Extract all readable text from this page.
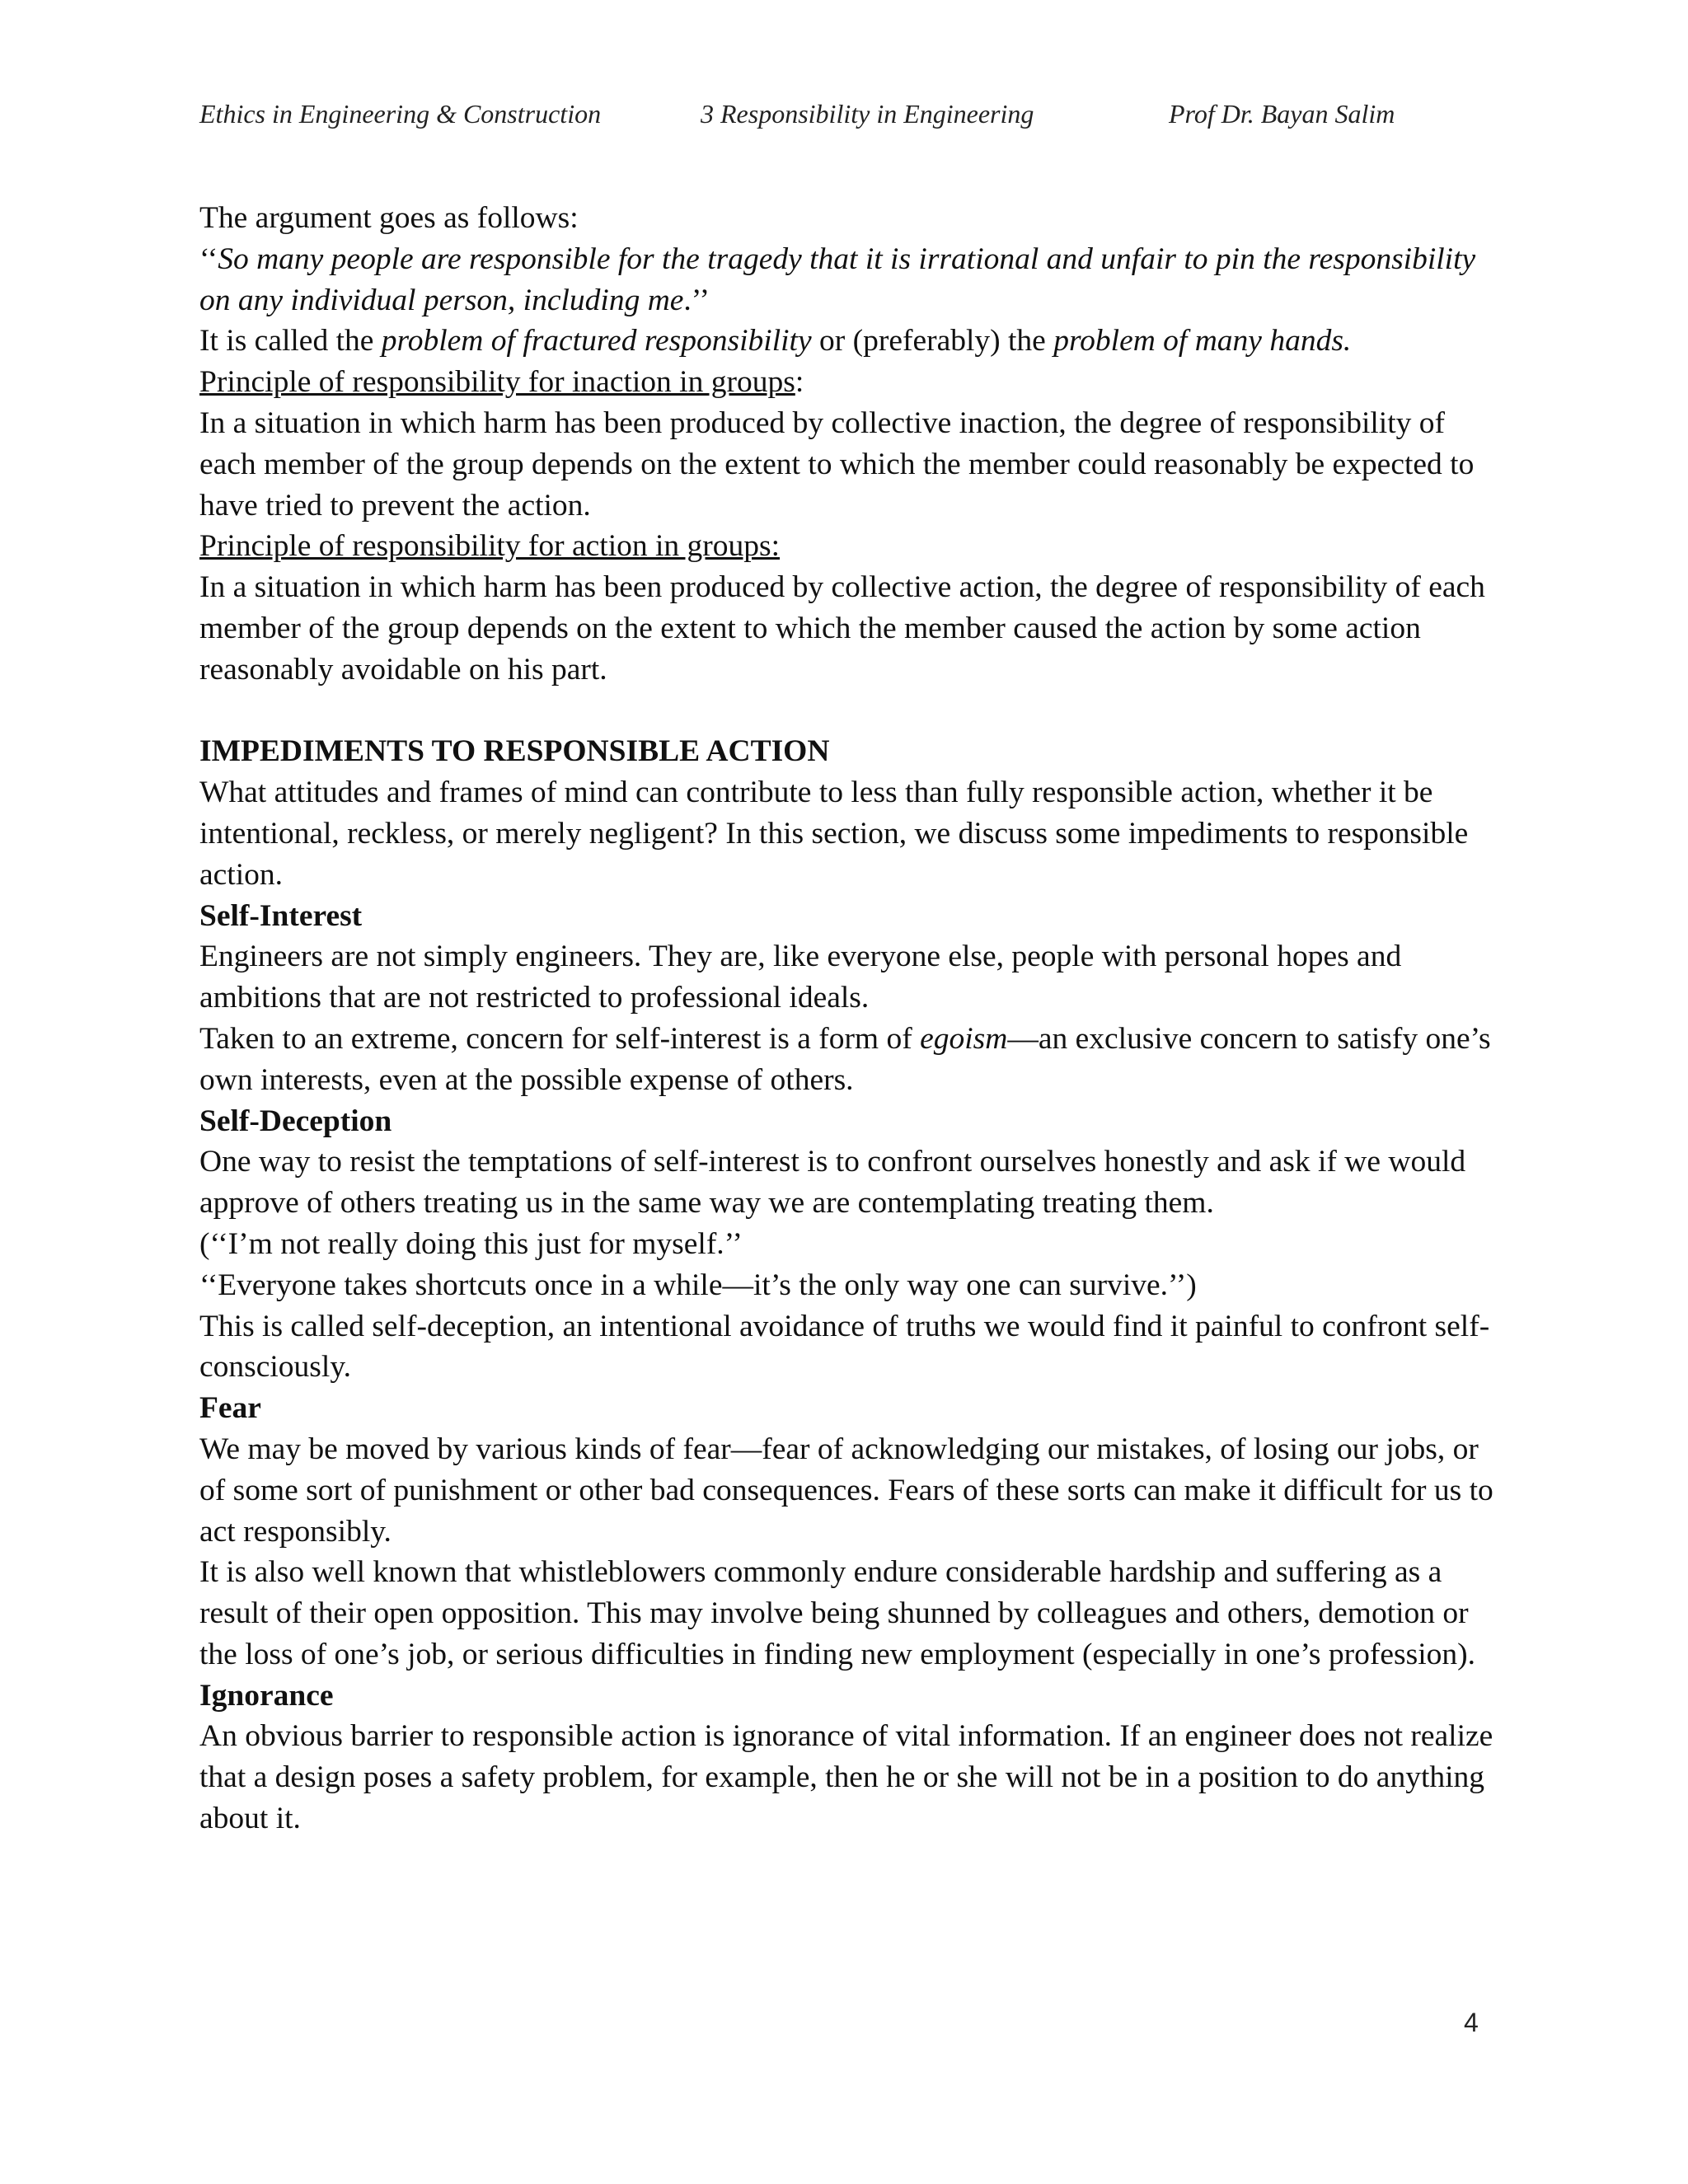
Ethics in Engineering & Construction	3 Responsibility in Engineering	Prof Dr. Bayan Salim

The argument goes as follows:

‘‘So many people are responsible for the tragedy that it is irrational and unfair to pin the responsibility on any individual person, including me.’’

It is called the problem of fractured responsibility or (preferably) the problem of many hands.

Principle of responsibility for inaction in groups:

In a situation in which harm has been produced by collective inaction, the degree of responsibility of each member of the group depends on the extent to which the member could reasonably be expected to have tried to prevent the action.

Principle of responsibility for action in groups:

In a situation in which harm has been produced by collective action, the degree of responsibility of each member of the group depends on the extent to which the member caused the action by some action reasonably avoidable on his part.

IMPEDIMENTS TO RESPONSIBLE ACTION

What attitudes and frames of mind can contribute to less than fully responsible action, whether it be intentional, reckless, or merely negligent? In this section, we discuss some impediments to responsible action.

Self-Interest

Engineers are not simply engineers. They are, like everyone else, people with personal hopes and ambitions that are not restricted to professional ideals.

Taken to an extreme, concern for self-interest is a form of egoism—an exclusive concern to satisfy one’s own interests, even at the possible expense of others.

Self-Deception

One way to resist the temptations of self-interest is to confront ourselves honestly and ask if we would approve of others treating us in the same way we are contemplating treating them.

(‘‘I’m not really doing this just for myself.’’

‘‘Everyone takes shortcuts once in a while—it’s the only way one can survive.’’)

This is called self-deception, an intentional avoidance of truths we would find it painful to confront self-consciously.

Fear

We may be moved by various kinds of fear—fear of acknowledging our mistakes, of losing our jobs, or of some sort of punishment or other bad consequences. Fears of these sorts can make it difficult for us to act responsibly.

It is also well known that whistleblowers commonly endure considerable hardship and suffering as a result of their open opposition. This may involve being shunned by colleagues and others, demotion or the loss of one’s job, or serious difficulties in finding new employment (especially in one’s profession).

Ignorance

An obvious barrier to responsible action is ignorance of vital information. If an engineer does not realize that a design poses a safety problem, for example, then he or she will not be in a position to do anything about it.

4
